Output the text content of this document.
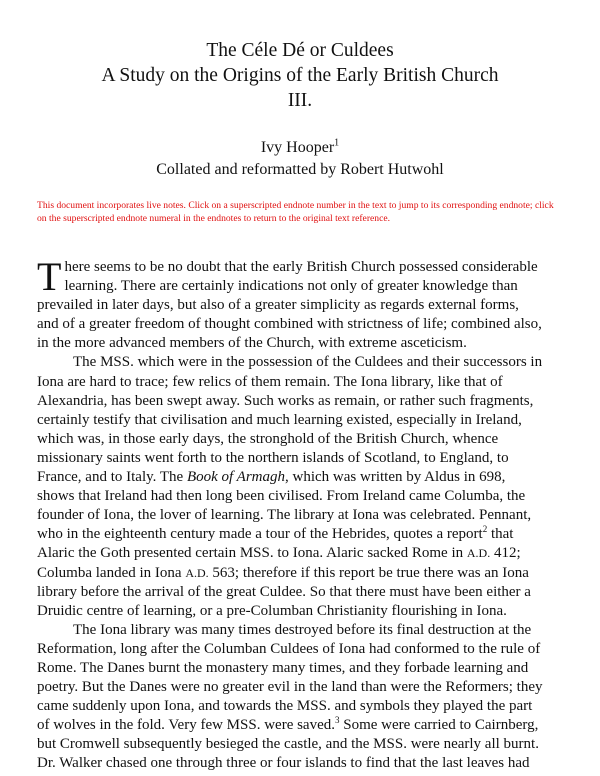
The Céle Dé or Culdees
A Study on the Origins of the Early British Church
III.
Ivy Hooper$^1$
Collated and reformatted by Robert Hutwohl
This document incorporates live notes. Click on a superscripted endnote number in the text to jump to its corresponding endnote; click on the superscripted endnote numeral in the endnotes to return to the original text reference.
T here seems to be no doubt that the early British Church possessed considerable
learning. There are certainly indications not only of greater knowledge than
prevailed in later days, but also of a greater simplicity as regards external forms,
and of a greater freedom of thought combined with strictness of life; combined also,
in the more advanced members of the Church, with extreme asceticism.
The MSS. which were in the possession of the Culdees and their successors in
Iona are hard to trace; few relics of them remain. The Iona library, like that of
Alexandria, has been swept away. Such works as remain, or rather such fragments,
certainly testify that civilisation and much learning existed, especially in Ireland,
which was, in those early days, the stronghold of the British Church, whence
missionary saints went forth to the northern islands of Scotland, to England, to
France, and to Italy. The Book of Armagh, which was written by Aldus in 698,
shows that Ireland had then long been civilised. From Ireland came Columba, the
founder of Iona, the lover of learning. The library at Iona was celebrated. Pennant,
who in the eighteenth century made a tour of the Hebrides, quotes a report$^2$ that
Alaric the Goth presented certain MSS. to Iona. Alaric sacked Rome in A.D. 412;
Columba landed in Iona A.D. 563; therefore if this report be true there was an Iona
library before the arrival of the great Culdee. So that there must have been either a
Druidic centre of learning, or a pre-Columban Christianity flourishing in Iona.
The Iona library was many times destroyed before its final destruction at the
Reformation, long after the Columban Culdees of Iona had conformed to the rule of
Rome. The Danes burnt the monastery many times, and they forbade learning and
poetry. But the Danes were no greater evil in the land than were the Reformers; they
came suddenly upon Iona, and towards the MSS. and symbols they played the part
of wolves in the fold. Very few MSS. were saved.$^3$ Some were carried to Cairnberg,
but Cromwell subsequently besieged the castle, and the MSS. were nearly all burnt.
Dr. Walker chased one through three or four islands to find that the last leaves had
